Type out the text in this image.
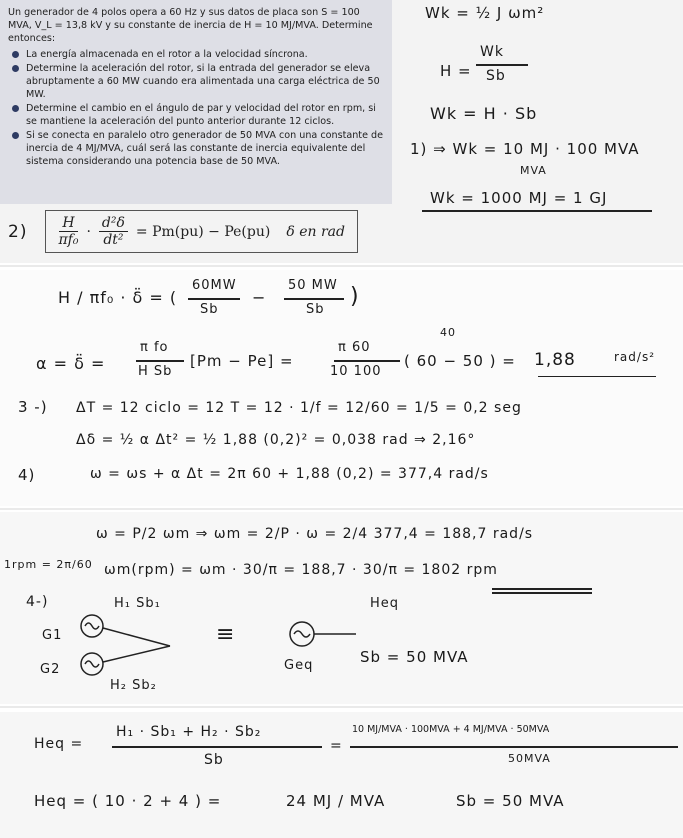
Un generador de 4 polos opera a 60 Hz y sus datos de placa son S = 100 MVA, V_L = 13,8 kV y su constante de inercia de H = 10 MJ/MVA. Determine entonces:

La energía almacenada en el rotor a la velocidad síncrona.
Determine la aceleración del rotor, si la entrada del generador se eleva abruptamente a 60 MW cuando era alimentada una carga eléctrica de 50 MW.
Determine el cambio en el ángulo de par y velocidad del rotor en rpm, si se mantiene la aceleración del punto anterior durante 12 ciclos.
Si se conecta en paralelo otro generador de 50 MVA con una constante de inercia de 4 MJ/MVA, cuál será las constante de inercia equivalente del sistema considerando una potencia base de 50 MVA.
Wk = ½ J ωm²
H =
Wk
Sb
Wk = H · Sb
1) ⇒ Wk = 10 MJ · 100 MVA
MVA
Wk = 1000 MJ = 1 GJ
$2) \frac{H}{\text{πf₀}} \cdot \frac{\text{d²δ}}{\text{dt²}} = Pm(pu) - Pe(pu)$ δ en rad
H / πf₀ · δ̈ = (
60MW
Sb
−
50 MW
Sb
)
α = δ̈ =
π fo
H Sb
[Pm − Pe] =
40
π 60
10 100
( 60 − 50 ) = 1,88	rad/s²
3 -) ΔT = 12 ciclo = 12 T = 12 · 1/f = 12/60 = 1/5 = 0,2 seg
Δδ = ½ α Δt² = ½ 1,88 (0,2)² = 0,038 rad ⇒ 2,16°
4)	ω = ωs + α Δt = 2π 60 + 1,88 (0,2) = 377,4 rad/s
ω = P/2 ωm ⇒ ωm = 2/P · ω = 2/4 377,4 = 188,7 rad/s
1rpm = 2π/60 ωm(rpm) = ωm · 30/π = 188,7 · 30/π = 1802 rpm
4-)	H₁ Sb₁
G1
G2
H₂ Sb₂
≡
Heq
Geq	Sb = 50 MVA
Heq =
H₁ · Sb₁ + H₂ · Sb₂
Sb
=
10 MJ/MVA · 100MVA + 4 MJ/MVA · 50MVA
50MVA
Heq = ( 10 · 2 + 4 ) =	24 MJ / MVA	Sb = 50 MVA
